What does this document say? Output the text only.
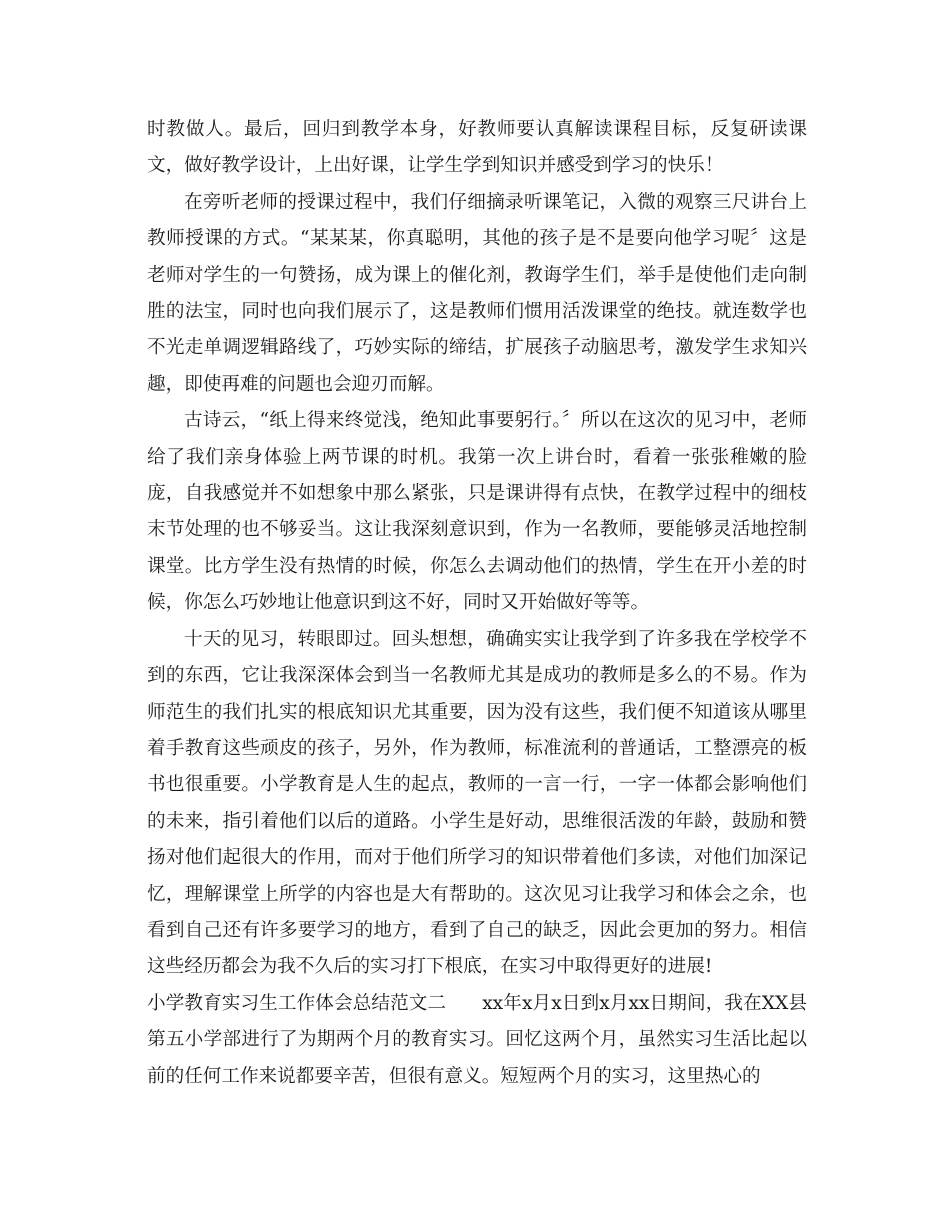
时教做人。最后，回归到教学本身，好教师要认真解读课程目标，反复研读课文，做好教学设计，上出好课，让学生学到知识并感受到学习的快乐！

在旁听老师的授课过程中，我们仔细摘录听课笔记，入微的观察三尺讲台上教师授课的方式。“某某某，你真聪明，其他的孩子是不是要向他学习呢〞这是老师对学生的一句赞扬，成为课上的催化剂，教诲学生们，举手是使他们走向制胜的法宝，同时也向我们展示了，这是教师们惯用活泼课堂的绝技。就连数学也不光走单调逻辑路线了，巧妙实际的缔结，扩展孩子动脑思考，激发学生求知兴趣，即使再难的问题也会迎刃而解。

古诗云，“纸上得来终觉浅，绝知此事要躬行。〞所以在这次的见习中，老师给了我们亲身体验上两节课的时机。我第一次上讲台时，看着一张张稚嫩的脸庞，自我感觉并不如想象中那么紧张，只是课讲得有点快，在教学过程中的细枝末节处理的也不够妥当。这让我深刻意识到，作为一名教师，要能够灵活地控制课堂。比方学生没有热情的时候，你怎么去调动他们的热情，学生在开小差的时候，你怎么巧妙地让他意识到这不好，同时又开始做好等等。

十天的见习，转眼即过。回头想想，确确实实让我学到了许多我在学校学不到的东西，它让我深深体会到当一名教师尤其是成功的教师是多么的不易。作为师范生的我们扎实的根底知识尤其重要，因为没有这些，我们便不知道该从哪里着手教育这些顽皮的孩子，另外，作为教师，标准流利的普通话，工整漂亮的板书也很重要。小学教育是人生的起点，教师的一言一行，一字一体都会影响他们的未来，指引着他们以后的道路。小学生是好动，思维很活泼的年龄，鼓励和赞扬对他们起很大的作用，而对于他们所学习的知识带着他们多读，对他们加深记忆，理解课堂上所学的内容也是大有帮助的。这次见习让我学习和体会之余，也看到自己还有许多要学习的地方，看到了自己的缺乏，因此会更加的努力。相信这些经历都会为我不久后的实习打下根底，在实习中取得更好的进展!

小学教育实习生工作体会总结范文二 xx年x月x日到x月xx日期间，我在XX县第五小学部进行了为期两个月的教育实习。回忆这两个月，虽然实习生活比起以前的任何工作来说都要辛苦，但很有意义。短短两个月的实习，这里热心的
